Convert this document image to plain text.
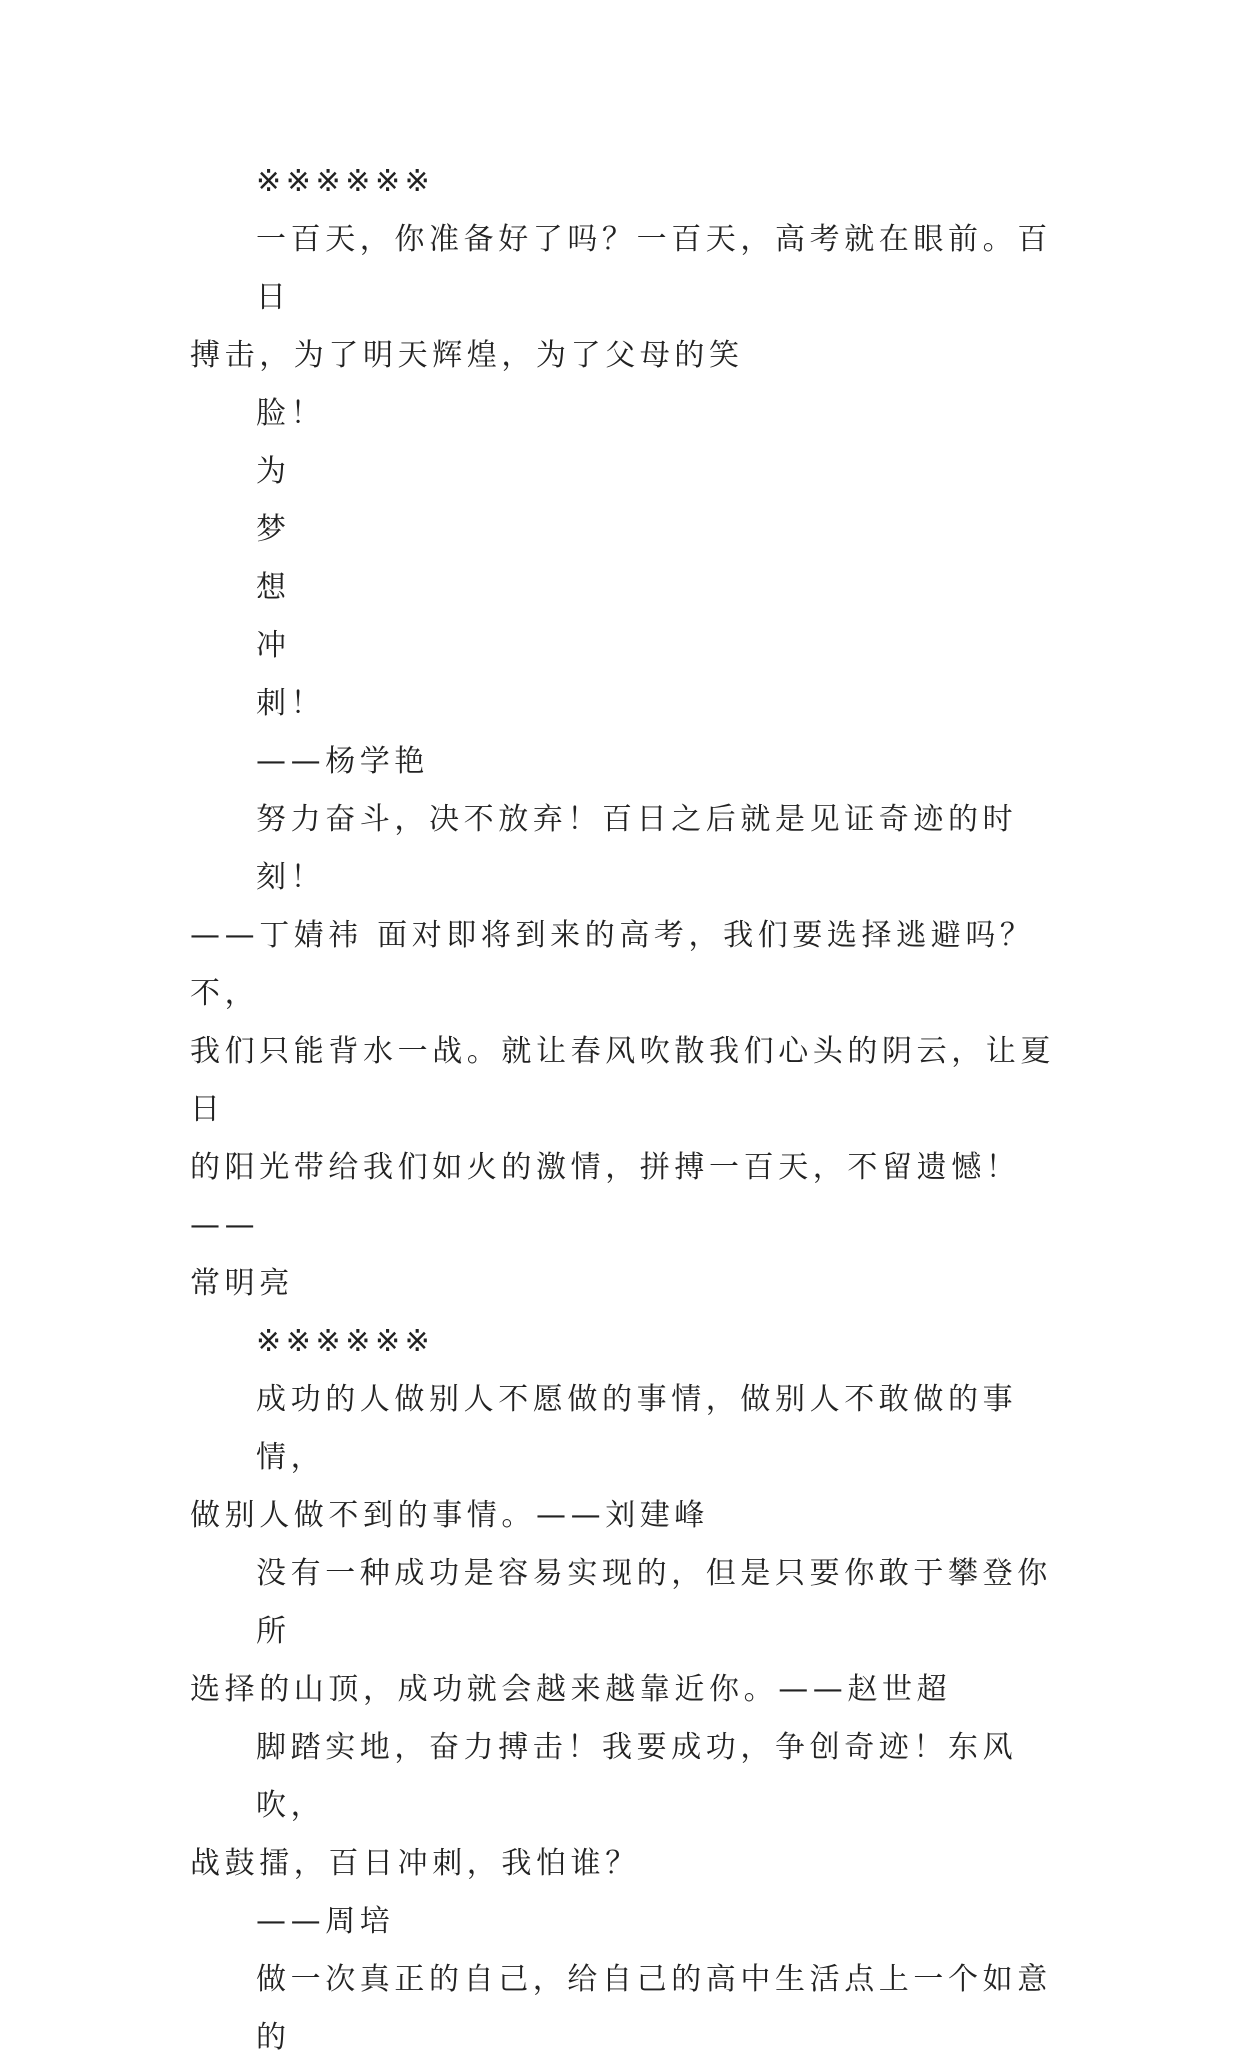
※※※※※※
一百天，你准备好了吗？一百天，高考就在眼前。百日
搏击，为了明天辉煌，为了父母的笑
脸！
为
梦
想
冲
刺！
——杨学艳
努力奋斗，决不放弃！百日之后就是见证奇迹的时刻！
——丁婧祎 面对即将到来的高考，我们要选择逃避吗？不，
我们只能背水一战。就让春风吹散我们心头的阴云，让夏日
的阳光带给我们如火的激情，拼搏一百天，不留遗憾！——
常明亮
※※※※※※
成功的人做别人不愿做的事情，做别人不敢做的事情，
做别人做不到的事情。——刘建峰
没有一种成功是容易实现的，但是只要你敢于攀登你所
选择的山顶，成功就会越来越靠近你。——赵世超
脚踏实地，奋力搏击！我要成功，争创奇迹！东风吹，
战鼓擂，百日冲刺，我怕谁？
——周培
做一次真正的自己，给自己的高中生活点上一个如意的
